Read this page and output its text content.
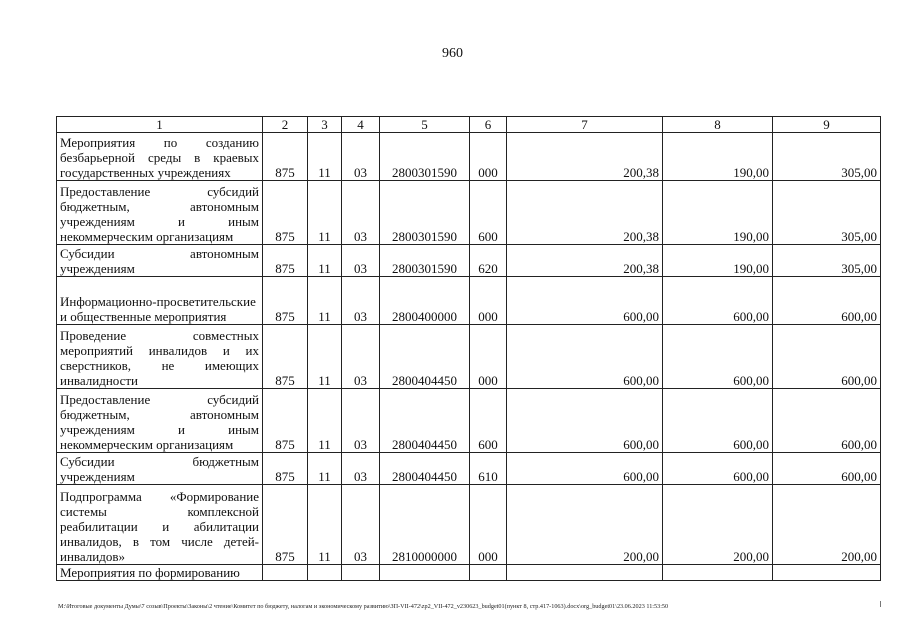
960
1	2	3	4	5	6	7	8	9
Мероприятия по созданию безбарьерной среды в краевых государственных учреждениях	875	11	03	2800301590	000	200,38	190,00	305,00
Предоставление субсидий бюджетным, автономным учреждениям и иным некоммерческим организациям	875	11	03	2800301590	600	200,38	190,00	305,00
Субсидии автономным учреждениям	875	11	03	2800301590	620	200,38	190,00	305,00
Информационно-просветительские и общественные мероприятия	875	11	03	2800400000	000	600,00	600,00	600,00
Проведение совместных мероприятий инвалидов и их сверстников, не имеющих инвалидности	875	11	03	2800404450	000	600,00	600,00	600,00
Предоставление субсидий бюджетным, автономным учреждениям и иным некоммерческим организациям	875	11	03	2800404450	600	600,00	600,00	600,00
Субсидии бюджетным учреждениям	875	11	03	2800404450	610	600,00	600,00	600,00
Подпрограмма «Формирование системы комплексной реабилитации и абилитации инвалидов, в том числе детей-инвалидов»	875	11	03	2810000000	000	200,00	200,00	200,00
Мероприятия по формированию								
M:\Итоговые документы Думы\7 созыв\Проекты\Законы\2 чтение\Комитет по бюджету, налогам и экономическому развитию\ЗП-VII-472\zp2_VII-472_v230623_budget01(пункт 8, стр.417-1063).docx\org_budget01\23.06.2023 11:53:50
